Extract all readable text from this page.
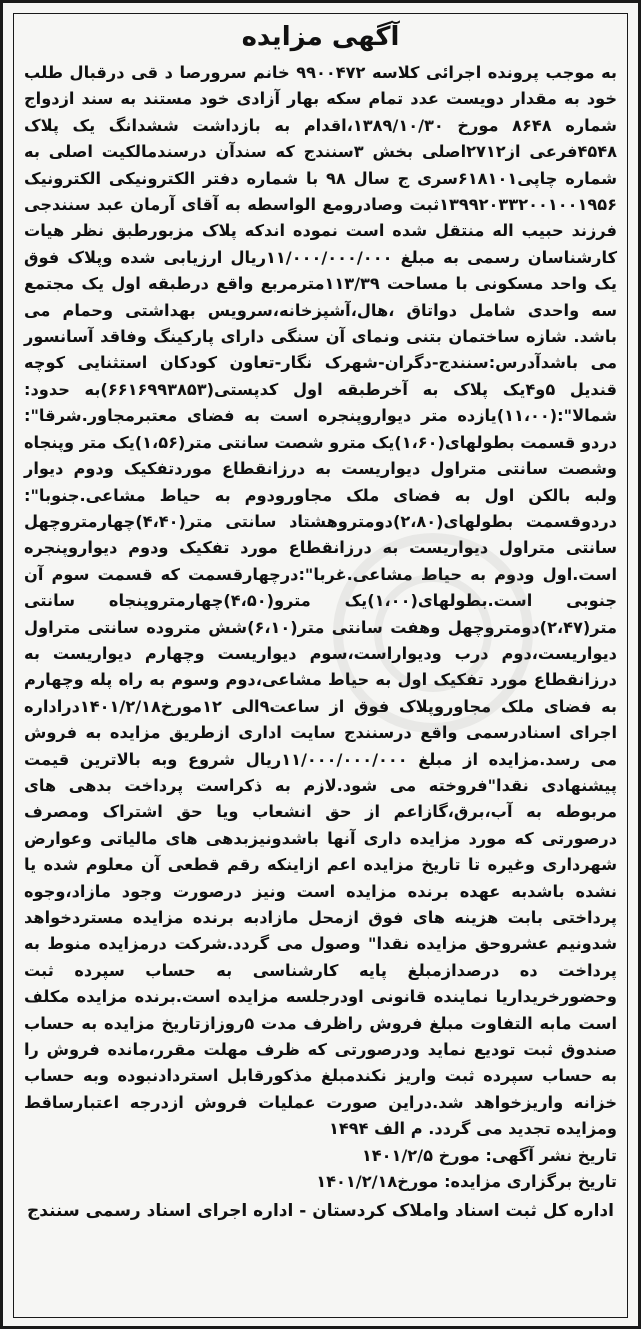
آگهی مزایده

به موجب پرونده اجرائی کلاسه ۹۹۰۰۴۷۲ خانم سرورصا د قی درقبال طلب خود به مقدار دویست عدد تمام سکه بهار آزادی خود مستند به سند ازدواج شماره ۸۶۴۸ مورخ ۱۳۸۹/۱۰/۳۰،اقدام به بازداشت ششدانگ یک پلاک ۴۵۴۸فرعی از۲۷۱۲اصلی بخش ۳سنندج که سندآن درسندمالکیت اصلی به شماره چاپی۶۱۸۱۰۱سری ج سال ۹۸ با شماره دفتر الکترونیکی الکترونیک ۱۳۹۹۲۰۳۳۲۰۰۱۰۰۱۹۵۶ثبت وصادرومع الواسطه به آقای آرمان عبد سنندجی فرزند حبیب اله منتقل شده است نموده اندکه پلاک مزبورطبق نظر هیات کارشناسان رسمی به مبلغ ۱۱/۰۰۰/۰۰۰/۰۰۰ریال ارزیابی شده وپلاک فوق یک واحد مسکونی با مساحت ۱۱۳/۳۹مترمربع واقع درطبقه اول یک مجتمع سه واحدی شامل دواتاق ،هال،آشپزخانه،سرویس بهداشتی وحمام می باشد. شازه ساختمان بتنی ونمای آن سنگی دارای پارکینگ وفاقد آسانسور می باشدآدرس:سنندج-دگران-شهرک نگار-تعاون کودکان استثنایی کوچه قندیل ۵و۴یک پلاک به آخرطبقه اول کدپستی(۶۶۱۶۹۹۳۸۵۳)به حدود: شمالا":(۱۱،۰۰)یازده متر دیواروپنجره است به فضای معتبرمجاور.شرقا": دردو قسمت بطولهای(۱،۶۰)یک مترو شصت سانتی متر(۱،۵۶)یک متر وپنجاه وشصت سانتی متراول دیواریست به درزانقطاع موردتفکیک ودوم دیوار ولبه بالکن اول به فضای ملک مجاورودوم به حیاط مشاعی.جنوبا": دردوقسمت بطولهای(۲،۸۰)دومتروهشتاد سانتی متر(۴،۴۰)چهارمتروچهل سانتی متراول دیواریست به درزانقطاع مورد تفکیک ودوم دیواروپنجره است.اول ودوم به حیاط مشاعی.غربا":درچهارقسمت که قسمت سوم آن جنوبی است.بطولهای(۱،۰۰)یک مترو(۴،۵۰)چهارمتروپنجاه سانتی متر(۲،۴۷)دومتروچهل وهفت سانتی متر(۶،۱۰)شش متروده سانتی متراول دیواریست،دوم درب ودیواراست،سوم دیواریست وچهارم دیواریست به درزانقطاع مورد تفکیک اول به حیاط مشاعی،دوم وسوم به راه پله وچهارم به فضای ملک مجاوروپلاک فوق از ساعت۹الی ۱۲مورخ۱۴۰۱/۲/۱۸دراداره اجرای اسنادرسمی واقع درسنندج سایت اداری ازطریق مزایده به فروش می رسد.مزایده از مبلغ ۱۱/۰۰۰/۰۰۰/۰۰۰ریال شروع وبه بالاترین قیمت پیشنهادی نقدا"فروخته می شود.لازم به ذکراست پرداخت بدهی های مربوطه به آب،برق،گازاعم از حق انشعاب ویا حق اشتراک ومصرف درصورتی که مورد مزایده داری آنها باشدونیزبدهی های مالیاتی وعوارض شهرداری وغیره تا تاریخ مزایده اعم ازاینکه رقم قطعی آن معلوم شده یا نشده باشدبه عهده برنده مزایده است ونیز درصورت وجود مازاد،وجوه پرداختی بابت هزینه های فوق ازمحل مازادبه برنده مزایده مستردخواهد شدونیم عشروحق مزایده نقدا" وصول می گردد.شرکت درمزایده منوط به پرداخت ده درصدازمبلغ پایه کارشناسی به حساب سپرده ثبت وحضورخریداریا نماینده قانونی اودرجلسه مزایده است.برنده مزایده مکلف است مابه التفاوت مبلغ فروش راظرف مدت ۵روزازتاریخ مزایده به حساب صندوق ثبت تودیع نماید ودرصورتی که ظرف مهلت مقرر،مانده فروش را به حساب سپرده ثبت واریز نکندمبلغ مذکورقابل استردادنبوده وبه حساب خزانه واریزخواهد شد.دراین صورت عملیات فروش ازدرجه اعتبارساقط ومزایده تجدید می گردد. م الف ۱۴۹۴

تاریخ نشر آگهی: مورخ ۱۴۰۱/۲/۵

تاریخ برگزاری مزایده: مورخ۱۴۰۱/۲/۱۸

اداره کل ثبت اسناد واملاک کردستان - اداره اجرای اسناد رسمی سنندج
